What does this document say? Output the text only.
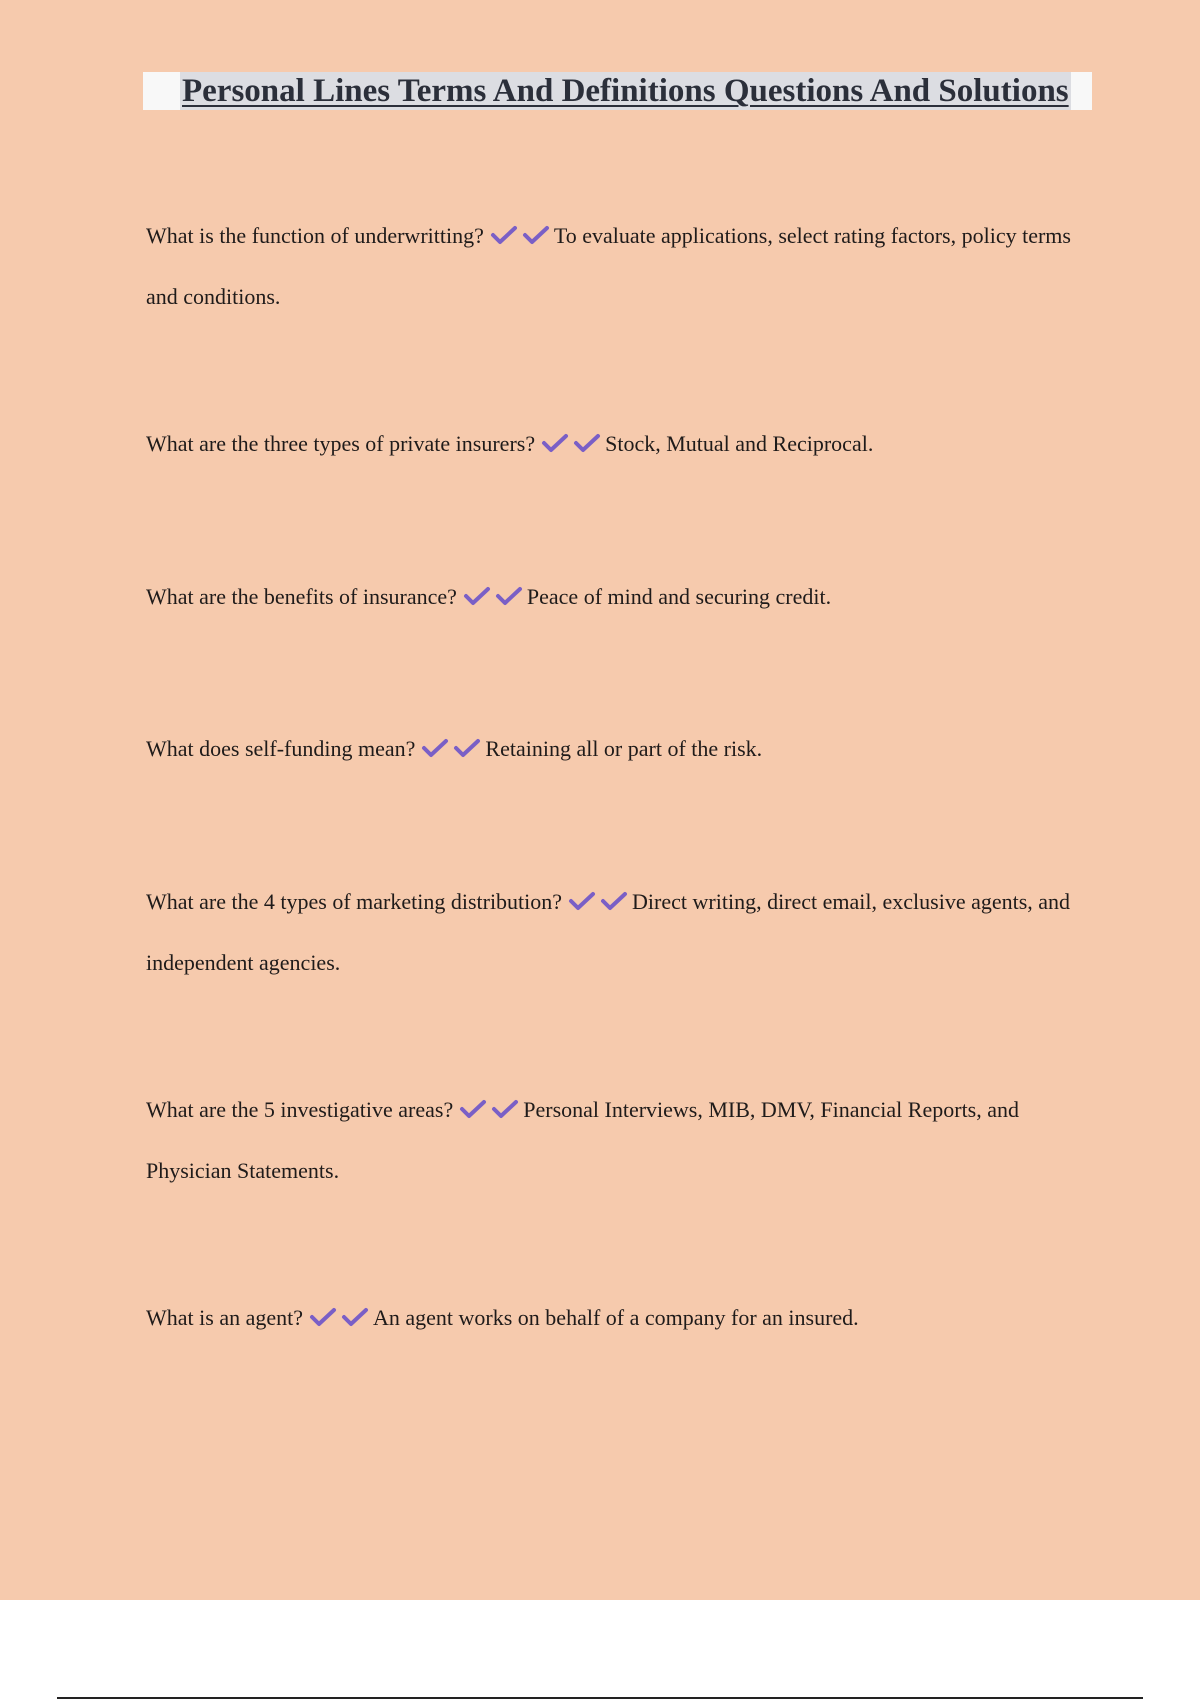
Personal Lines Terms And Definitions Questions And Solutions

What is the function of underwritting?	To evaluate applications, select rating factors, policy terms and conditions.

What are the three types of private insurers?	Stock, Mutual and Reciprocal.

What are the benefits of insurance?	Peace of mind and securing credit.

What does self-funding mean?	Retaining all or part of the risk.

What are the 4 types of marketing distribution?	Direct writing, direct email, exclusive agents, and independent agencies.

What are the 5 investigative areas?	Personal Interviews, MIB, DMV, Financial Reports, and Physician Statements.

What is an agent?	An agent works on behalf of a company for an insured.
